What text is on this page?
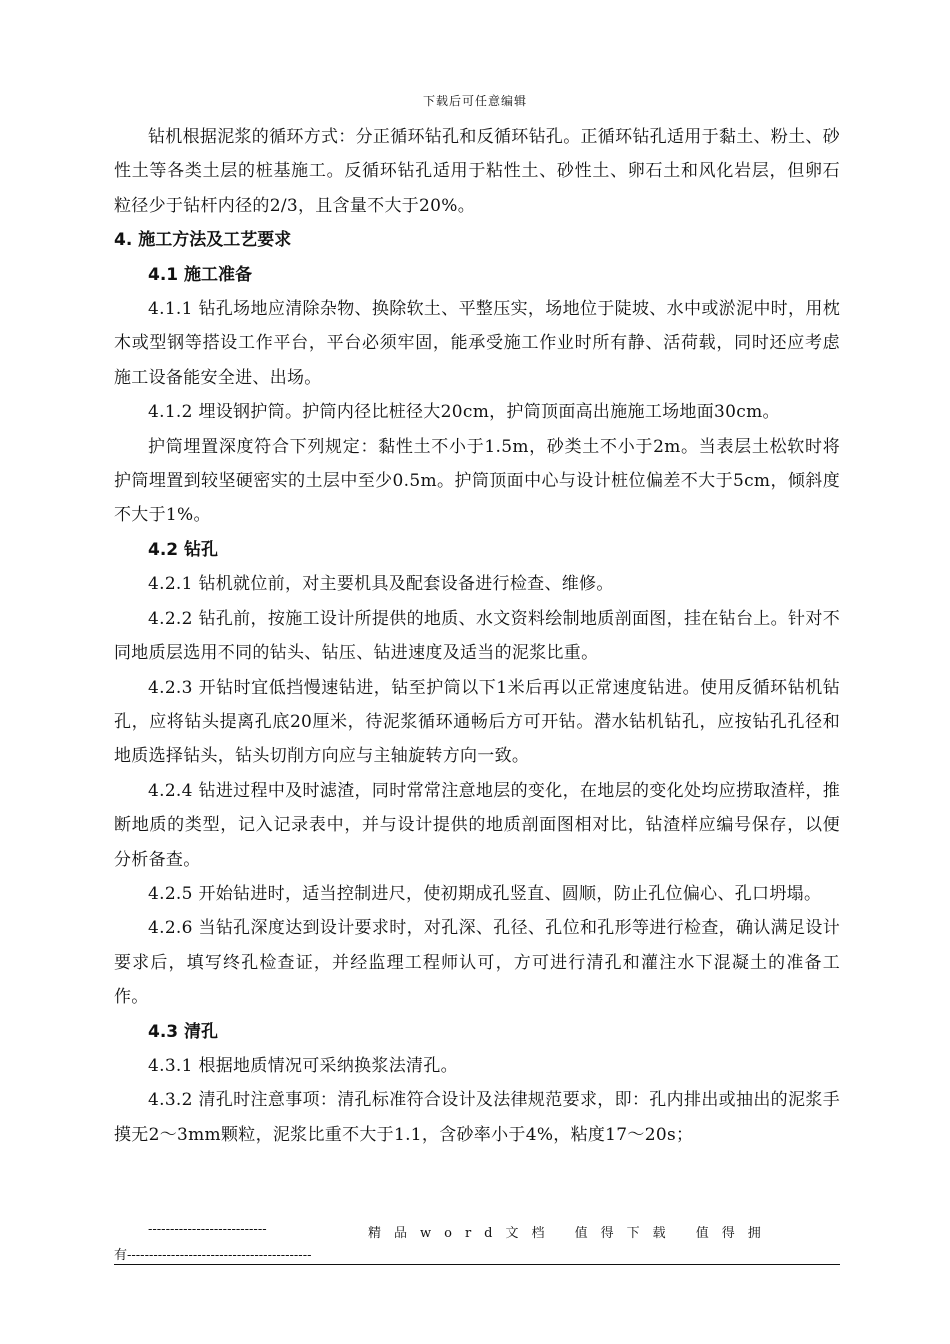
下载后可任意编辑

钻机根据泥浆的循环方式：分正循环钻孔和反循环钻孔。正循环钻孔适用于黏土、粉土、砂性土等各类土层的桩基施工。反循环钻孔适用于粘性土、砂性土、卵石土和风化岩层，但卵石粒径少于钻杆内径的2/3，且含量不大于20%。

4. 施工方法及工艺要求

4.1 施工准备

4.1.1 钻孔场地应清除杂物、换除软土、平整压实，场地位于陡坡、水中或淤泥中时，用枕木或型钢等搭设工作平台，平台必须牢固，能承受施工作业时所有静、活荷载，同时还应考虑施工设备能安全进、出场。

4.1.2 埋设钢护筒。护筒内径比桩径大20cm，护筒顶面高出施施工场地面30cm。

护筒埋置深度符合下列规定：黏性土不小于1.5m，砂类土不小于2m。当表层土松软时将护筒埋置到较坚硬密实的土层中至少0.5m。护筒顶面中心与设计桩位偏差不大于5cm，倾斜度不大于1%。

4.2 钻孔

4.2.1 钻机就位前，对主要机具及配套设备进行检查、维修。

4.2.2 钻孔前，按施工设计所提供的地质、水文资料绘制地质剖面图，挂在钻台上。针对不同地质层选用不同的钻头、钻压、钻进速度及适当的泥浆比重。

4.2.3 开钻时宜低挡慢速钻进，钻至护筒以下1米后再以正常速度钻进。使用反循环钻机钻孔，应将钻头提离孔底20厘米，待泥浆循环通畅后方可开钻。潜水钻机钻孔，应按钻孔孔径和地质选择钻头，钻头切削方向应与主轴旋转方向一致。

4.2.4 钻进过程中及时滤渣，同时常常注意地层的变化，在地层的变化处均应捞取渣样，推断地质的类型，记入记录表中，并与设计提供的地质剖面图相对比，钻渣样应编号保存，以便分析备查。

4.2.5 开始钻进时，适当控制进尺，使初期成孔竖直、圆顺，防止孔位偏心、孔口坍塌。

4.2.6 当钻孔深度达到设计要求时，对孔深、孔径、孔位和孔形等进行检查，确认满足设计要求后，填写终孔检查证，并经监理工程师认可，方可进行清孔和灌注水下混凝土的准备工作。

4.3 清孔

4.3.1 根据地质情况可采纳换浆法清孔。

4.3.2 清孔时注意事项：清孔标准符合设计及法律规范要求，即：孔内排出或抽出的泥浆手摸无2～3mm颗粒，泥浆比重不大于1.1，含砂率小于4%，粘度17～20s；

---------------------------	精品word文档 值得下载 值得拥
有------------------------------------------
